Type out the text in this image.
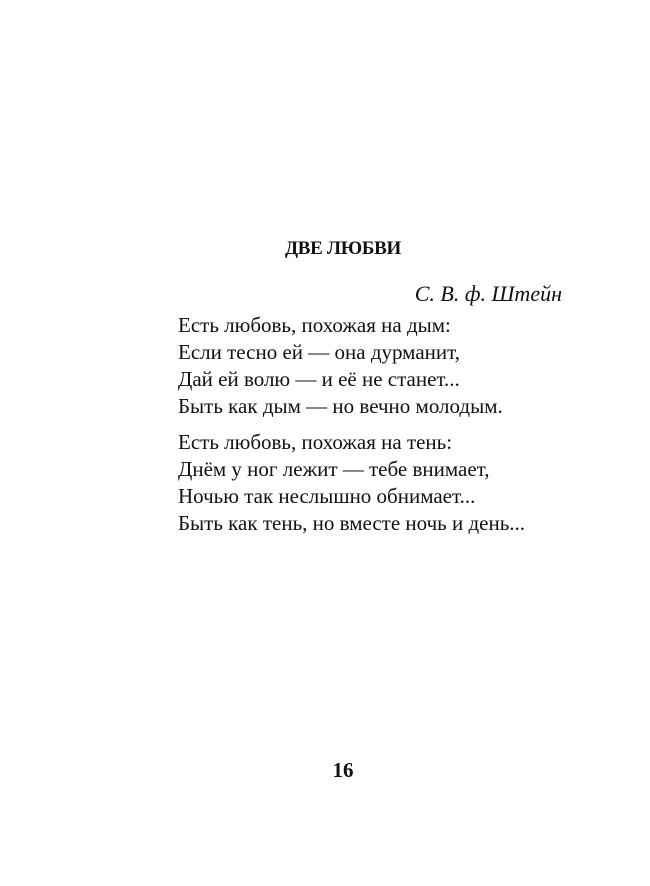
ДВЕ ЛЮБВИ
С. В. ф. Штейн
Есть любовь, похожая на дым:
Если тесно ей — она дурманит,
Дай ей волю — и её не станет...
Быть как дым — но вечно молодым.
Есть любовь, похожая на тень:
Днём у ног лежит — тебе внимает,
Ночью так неслышно обнимает...
Быть как тень, но вместе ночь и день...
16
